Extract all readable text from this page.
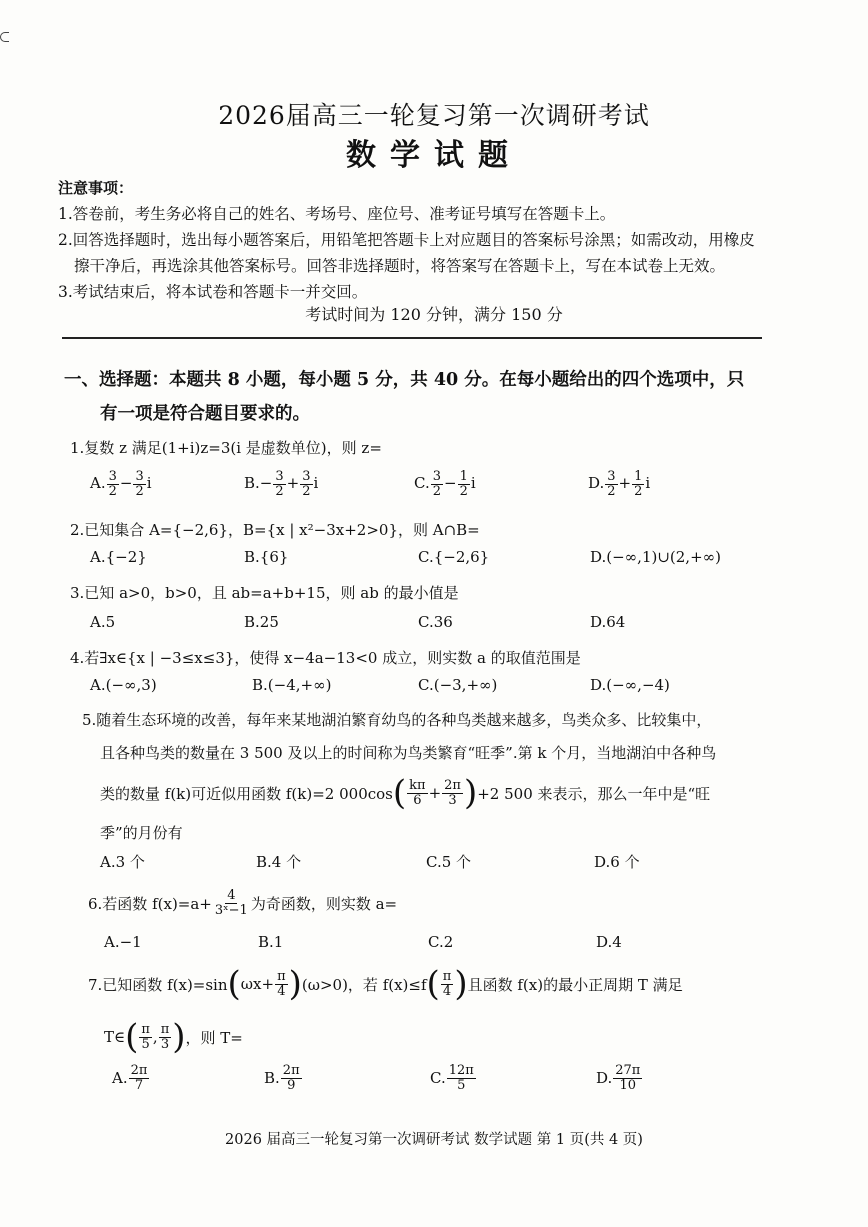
2026届高三一轮复习第一次调研考试
数学试题
注意事项：
1.答卷前，考生务必将自己的姓名、考场号、座位号、准考证号填写在答题卡上。
2.回答选择题时，选出每小题答案后，用铅笔把答题卡上对应题目的答案标号涂黑；如需改动，用橡皮
擦干净后，再选涂其他答案标号。回答非选择题时，将答案写在答题卡上，写在本试卷上无效。
3.考试结束后，将本试卷和答题卡一并交回。
考试时间为 120 分钟，满分 150 分
一、选择题：本题共 8 小题，每小题 5 分，共 40 分。在每小题给出的四个选项中，只
有一项是符合题目要求的。
1.复数 z 满足(1+i)z=3(i 是虚数单位)，则 z=
A. $\frac{3}{2} - \frac{3}{2}$ i	$B.- \frac{3}{2} + \frac{3}{2}$ i	C. $\frac{3}{2} - \frac{1}{2}$ i	D. $\frac{3}{2} + \frac{1}{2}$ i
2.已知集合 A={−2,6}，B={x | x²−3x+2>0}，则 A∩B=
A.{−2}	B.{6}	C.{−2,6}	D.(−∞,1)∪(2,+∞)
3.已知 a>0，b>0，且 ab=a+b+15，则 ab 的最小值是
A.5	B.25	C.36	D.64
4.若∃x∈{x | −3≤x≤3}，使得 x−4a−13<0 成立，则实数 a 的取值范围是
A.(−∞,3)	B.(−4,+∞)	C.(−3,+∞)	D.(−∞,−4)
5.随着生态环境的改善，每年来某地湖泊繁育幼鸟的各种鸟类越来越多，鸟类众多、比较集中，
且各种鸟类的数量在 3 500 及以上的时间称为鸟类繁育“旺季”.第 k 个月，当地湖泊中各种鸟
类的数量 f(k)可近似用函数 f(k)=2 000cos ( $\frac{k\pi}{6} + \frac{2\pi}{3}$ ) +2 500 来表示，那么一年中是“旺
季”的月份有
A.3 个	B.4 个	C.5 个	D.6 个
6.若函数 $f(x)=a+ \frac{4}{\text{3ˣ−1}}$ 为奇函数，则实数 a=
A.−1	B.1	C.2	D.4
7.已知函数 f(x)=sin ( $\omega x+ \frac{\pi}{4}$ ) (ω>0)，若 f(x)≤f ( $\frac{\pi}{4}$ ) 且函数 f(x)的最小正周期 T 满足
T∈ ( $\frac{\pi}{5}$ , $\frac{\pi}{3}$ ) ，则 T=
A. $\frac{2\pi}{7}$	B. $\frac{2\pi}{9}$	C. $\frac{12\pi}{5}$	D. $\frac{27\pi}{10}$
2026 届高三一轮复习第一次调研考试 数学试题 第 1 页(共 4 页)
